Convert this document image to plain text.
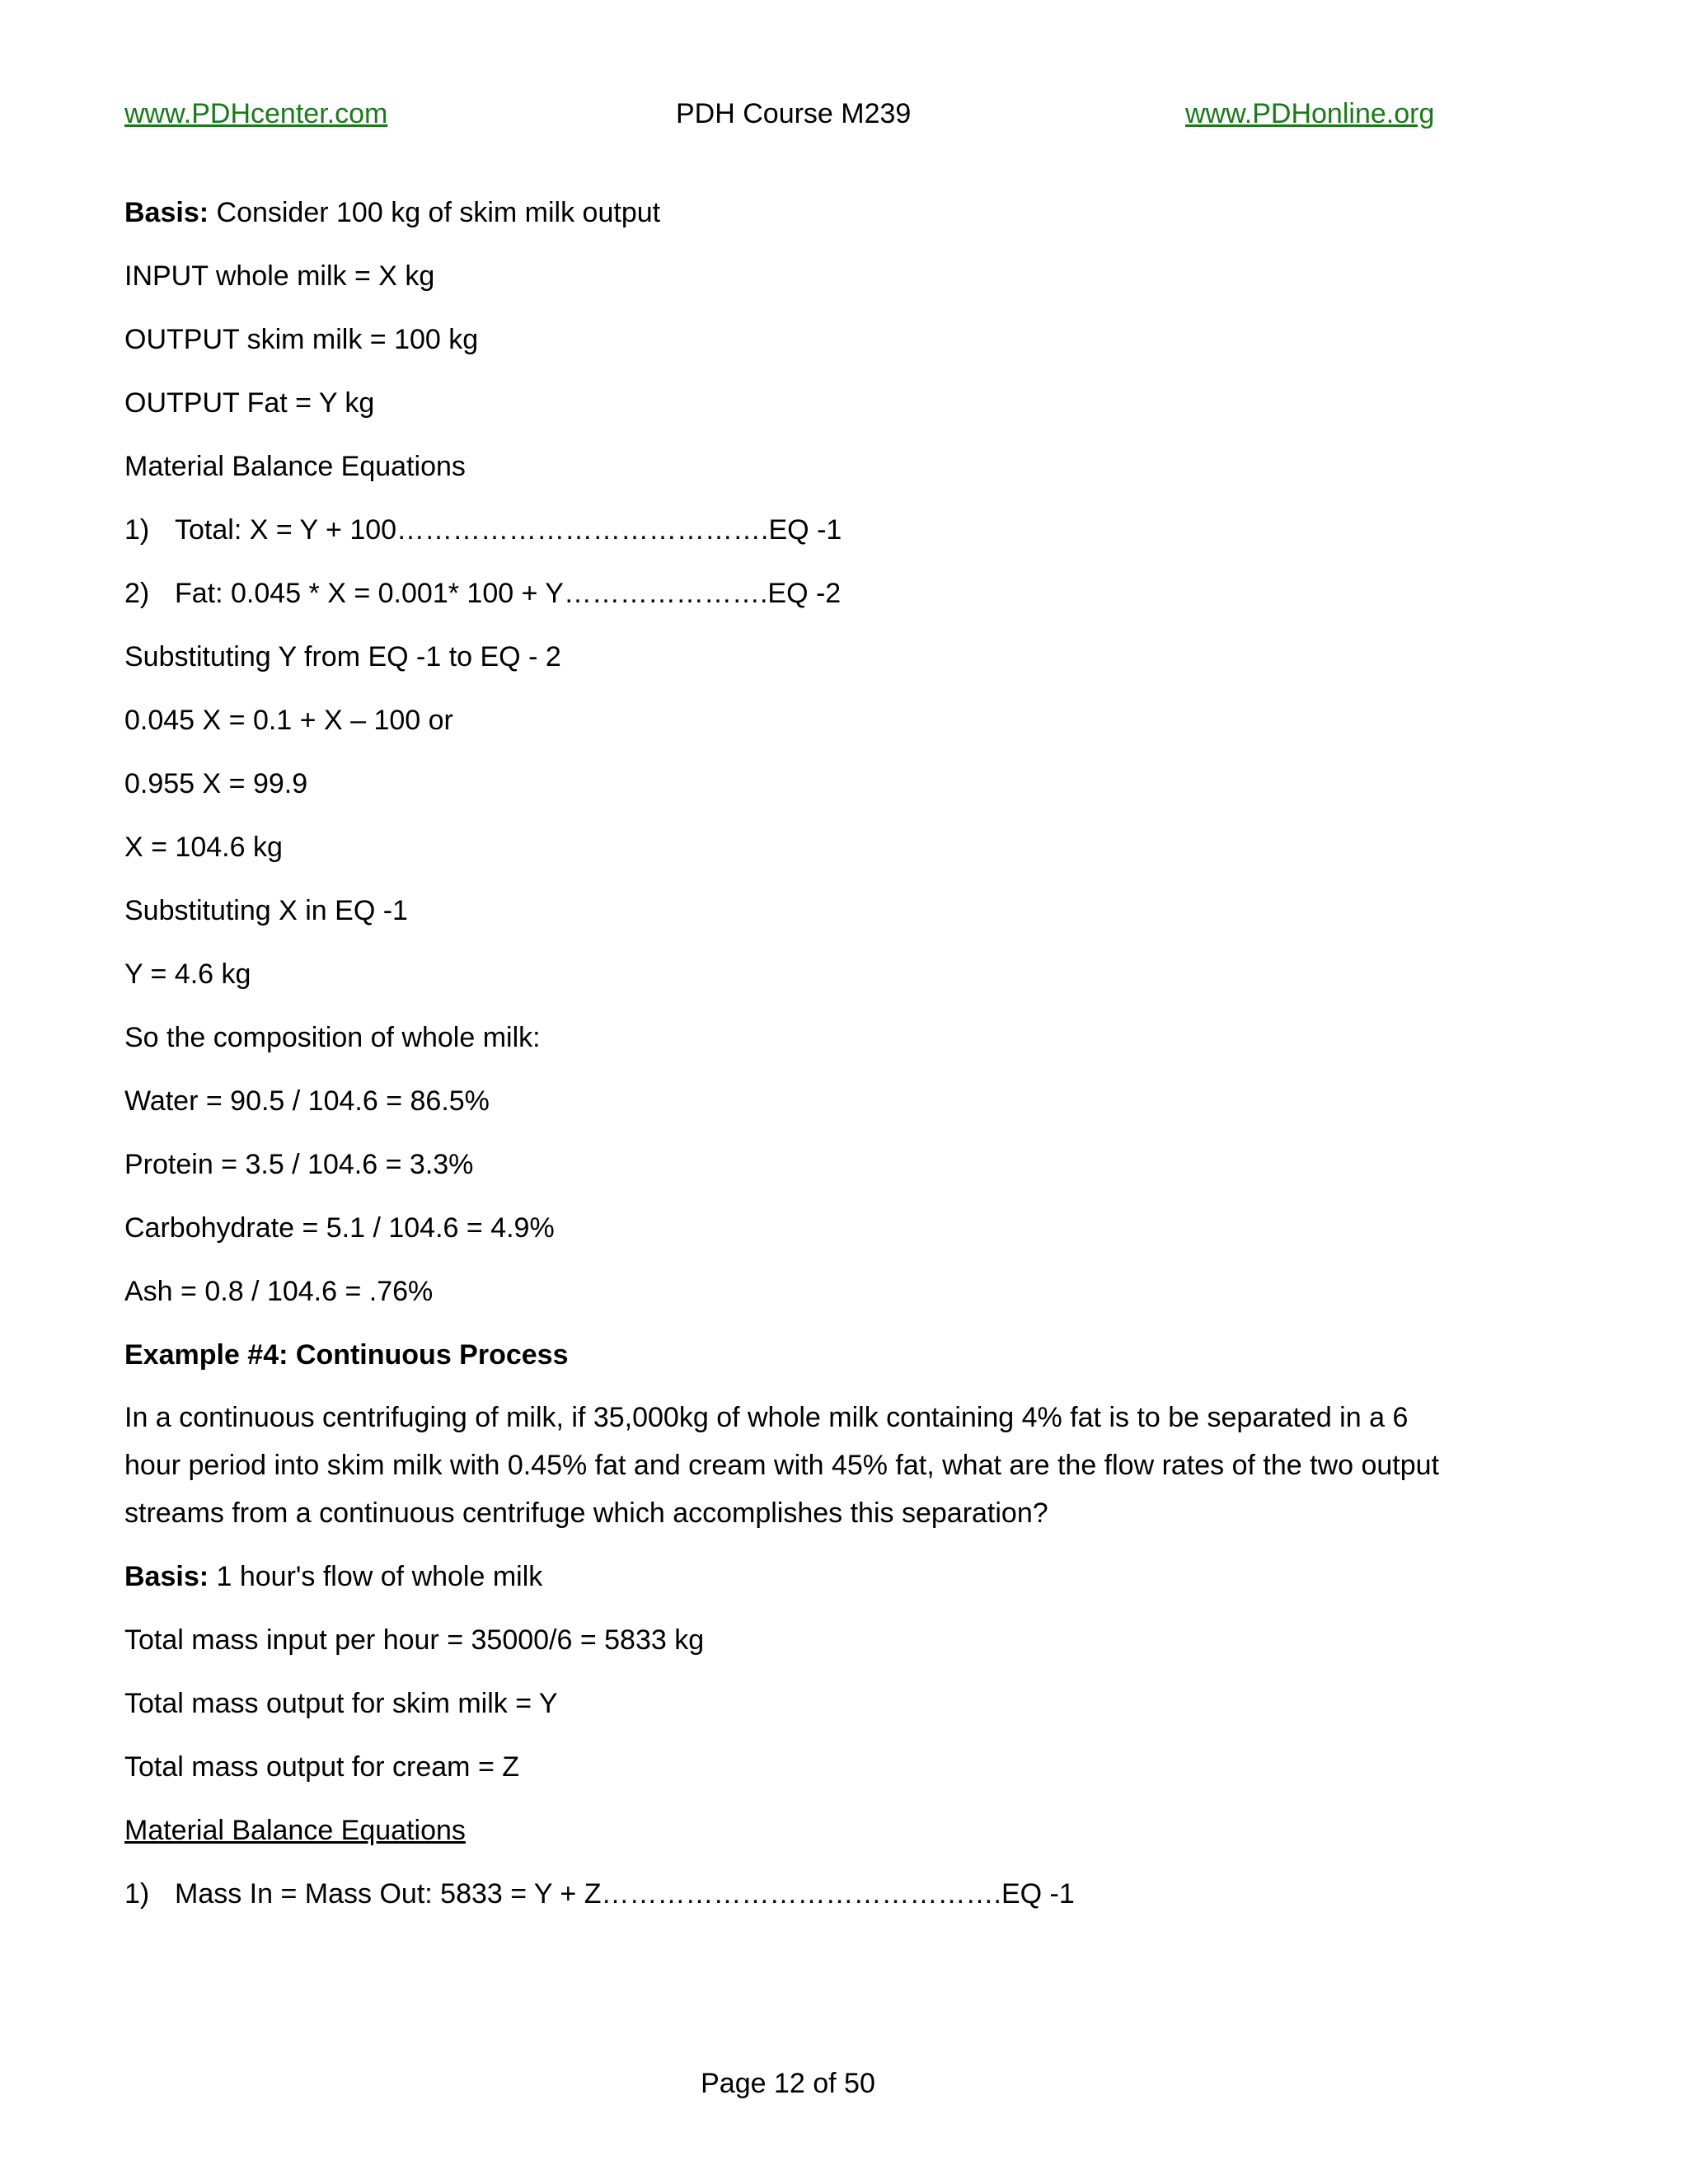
www.PDHcenter.com	PDH Course M239	www.PDHonline.org
Basis: Consider 100 kg of skim milk output
INPUT whole milk = X kg
OUTPUT skim milk = 100 kg
OUTPUT Fat = Y kg
Material Balance Equations
1) Total: X = Y + 100………………………………….EQ -1
2) Fat: 0.045 * X = 0.001* 100 + Y………………….EQ -2
Substituting Y from EQ -1 to EQ - 2
0.045 X = 0.1 + X – 100 or
0.955 X = 99.9
X = 104.6 kg
Substituting X in EQ -1
Y = 4.6 kg
So the composition of whole milk:
Water = 90.5 / 104.6 = 86.5%
Protein = 3.5 / 104.6 = 3.3%
Carbohydrate = 5.1 / 104.6 = 4.9%
Ash = 0.8 / 104.6 = .76%
Example #4: Continuous Process
In a continuous centrifuging of milk, if 35,000kg of whole milk containing 4% fat is to be separated in a 6 hour period into skim milk with 0.45% fat and cream with 45% fat, what are the flow rates of the two output streams from a continuous centrifuge which accomplishes this separation?
Basis: 1 hour's flow of whole milk
Total mass input per hour = 35000/6 = 5833 kg
Total mass output for skim milk = Y
Total mass output for cream = Z
Material Balance Equations
1) Mass In = Mass Out: 5833 = Y + Z…………………………………….EQ -1
Page 12 of 50
